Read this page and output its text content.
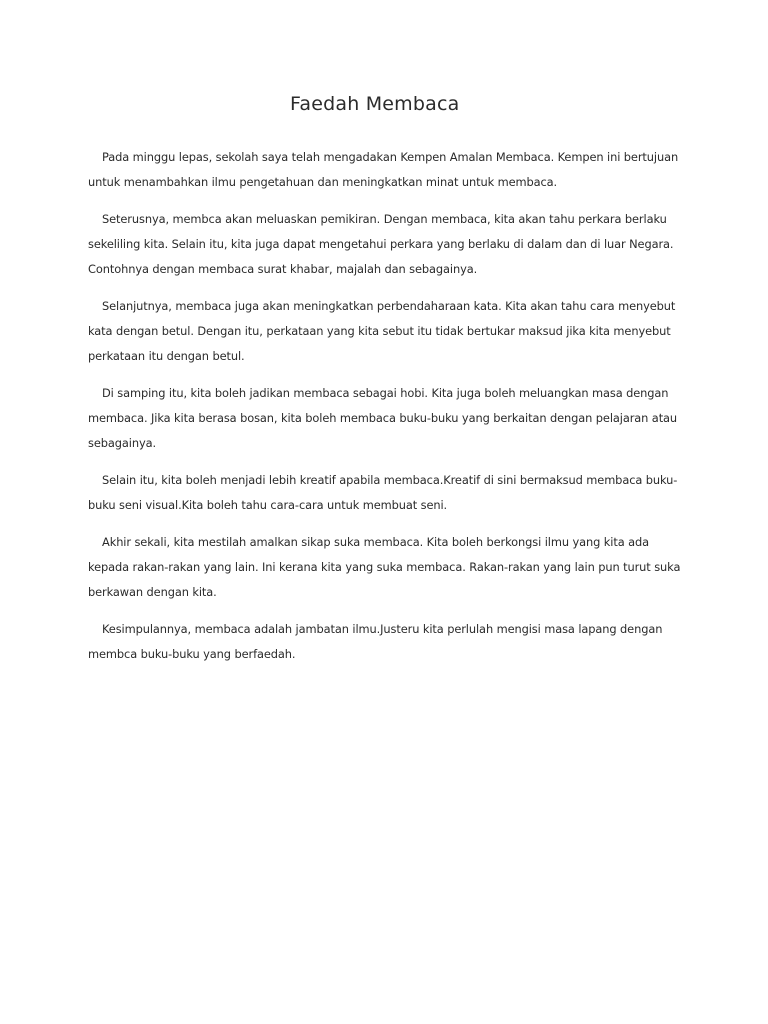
Faedah Membaca

Pada minggu lepas, sekolah saya telah mengadakan Kempen Amalan Membaca. Kempen ini bertujuan untuk menambahkan ilmu pengetahuan dan meningkatkan minat untuk membaca.

Seterusnya, membca akan meluaskan pemikiran. Dengan membaca, kita akan tahu perkara berlaku sekeliling kita. Selain itu, kita juga dapat mengetahui perkara yang berlaku di dalam dan di luar Negara. Contohnya dengan membaca surat khabar, majalah dan sebagainya.

Selanjutnya, membaca juga akan meningkatkan perbendaharaan kata. Kita akan tahu cara menyebut kata dengan betul. Dengan itu, perkataan yang kita sebut itu tidak bertukar maksud jika kita menyebut perkataan itu dengan betul.

Di samping itu, kita boleh jadikan membaca sebagai hobi. Kita juga boleh meluangkan masa dengan membaca. Jika kita berasa bosan, kita boleh membaca buku-buku yang berkaitan dengan pelajaran atau sebagainya.

Selain itu, kita boleh menjadi lebih kreatif apabila membaca.Kreatif di sini bermaksud membaca buku-buku seni visual.Kita boleh tahu cara-cara untuk membuat seni.

Akhir sekali, kita mestilah amalkan sikap suka membaca. Kita boleh berkongsi ilmu yang kita ada kepada rakan-rakan yang lain. Ini kerana kita yang suka membaca. Rakan-rakan yang lain pun turut suka berkawan dengan kita.

Kesimpulannya, membaca adalah jambatan ilmu.Justeru kita perlulah mengisi masa lapang dengan membca buku-buku yang berfaedah.
